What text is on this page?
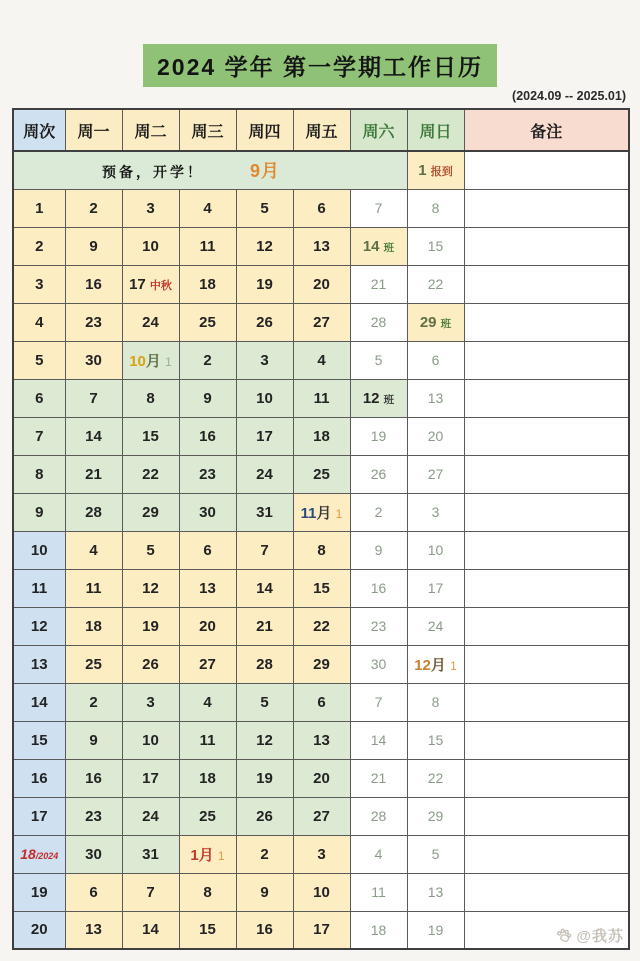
2024 学年 第一学期工作日历
(2024.09 -- 2025.01)
周次	周一	周二	周三	周四	周五	周六	周日	备注
预备，开学！ 9月							1 报到	
1	2	3	4	5	6	7	8	
2	9	10	11	12	13	14 班	15	
3	16	17 中秋	18	19	20	21	22	
4	23	24	25	26	27	28	29 班	
5	30	10月 1	2	3	4	5	6	
6	7	8	9	10	11	12 班	13	
7	14	15	16	17	18	19	20	
8	21	22	23	24	25	26	27	
9	28	29	30	31	11月 1	2	3	
10	4	5	6	7	8	9	10	
11	11	12	13	14	15	16	17	
12	18	19	20	21	22	23	24	
13	25	26	27	28	29	30	12月 1	
14	2	3	4	5	6	7	8	
15	9	10	11	12	13	14	15	
16	16	17	18	19	20	21	22	
17	23	24	25	26	27	28	29	
18/2024	30	31	1月 1	2	3	4	5	
19	6	7	8	9	10	11	13	
20	13	14	15	16	17	18	19		@我苏
